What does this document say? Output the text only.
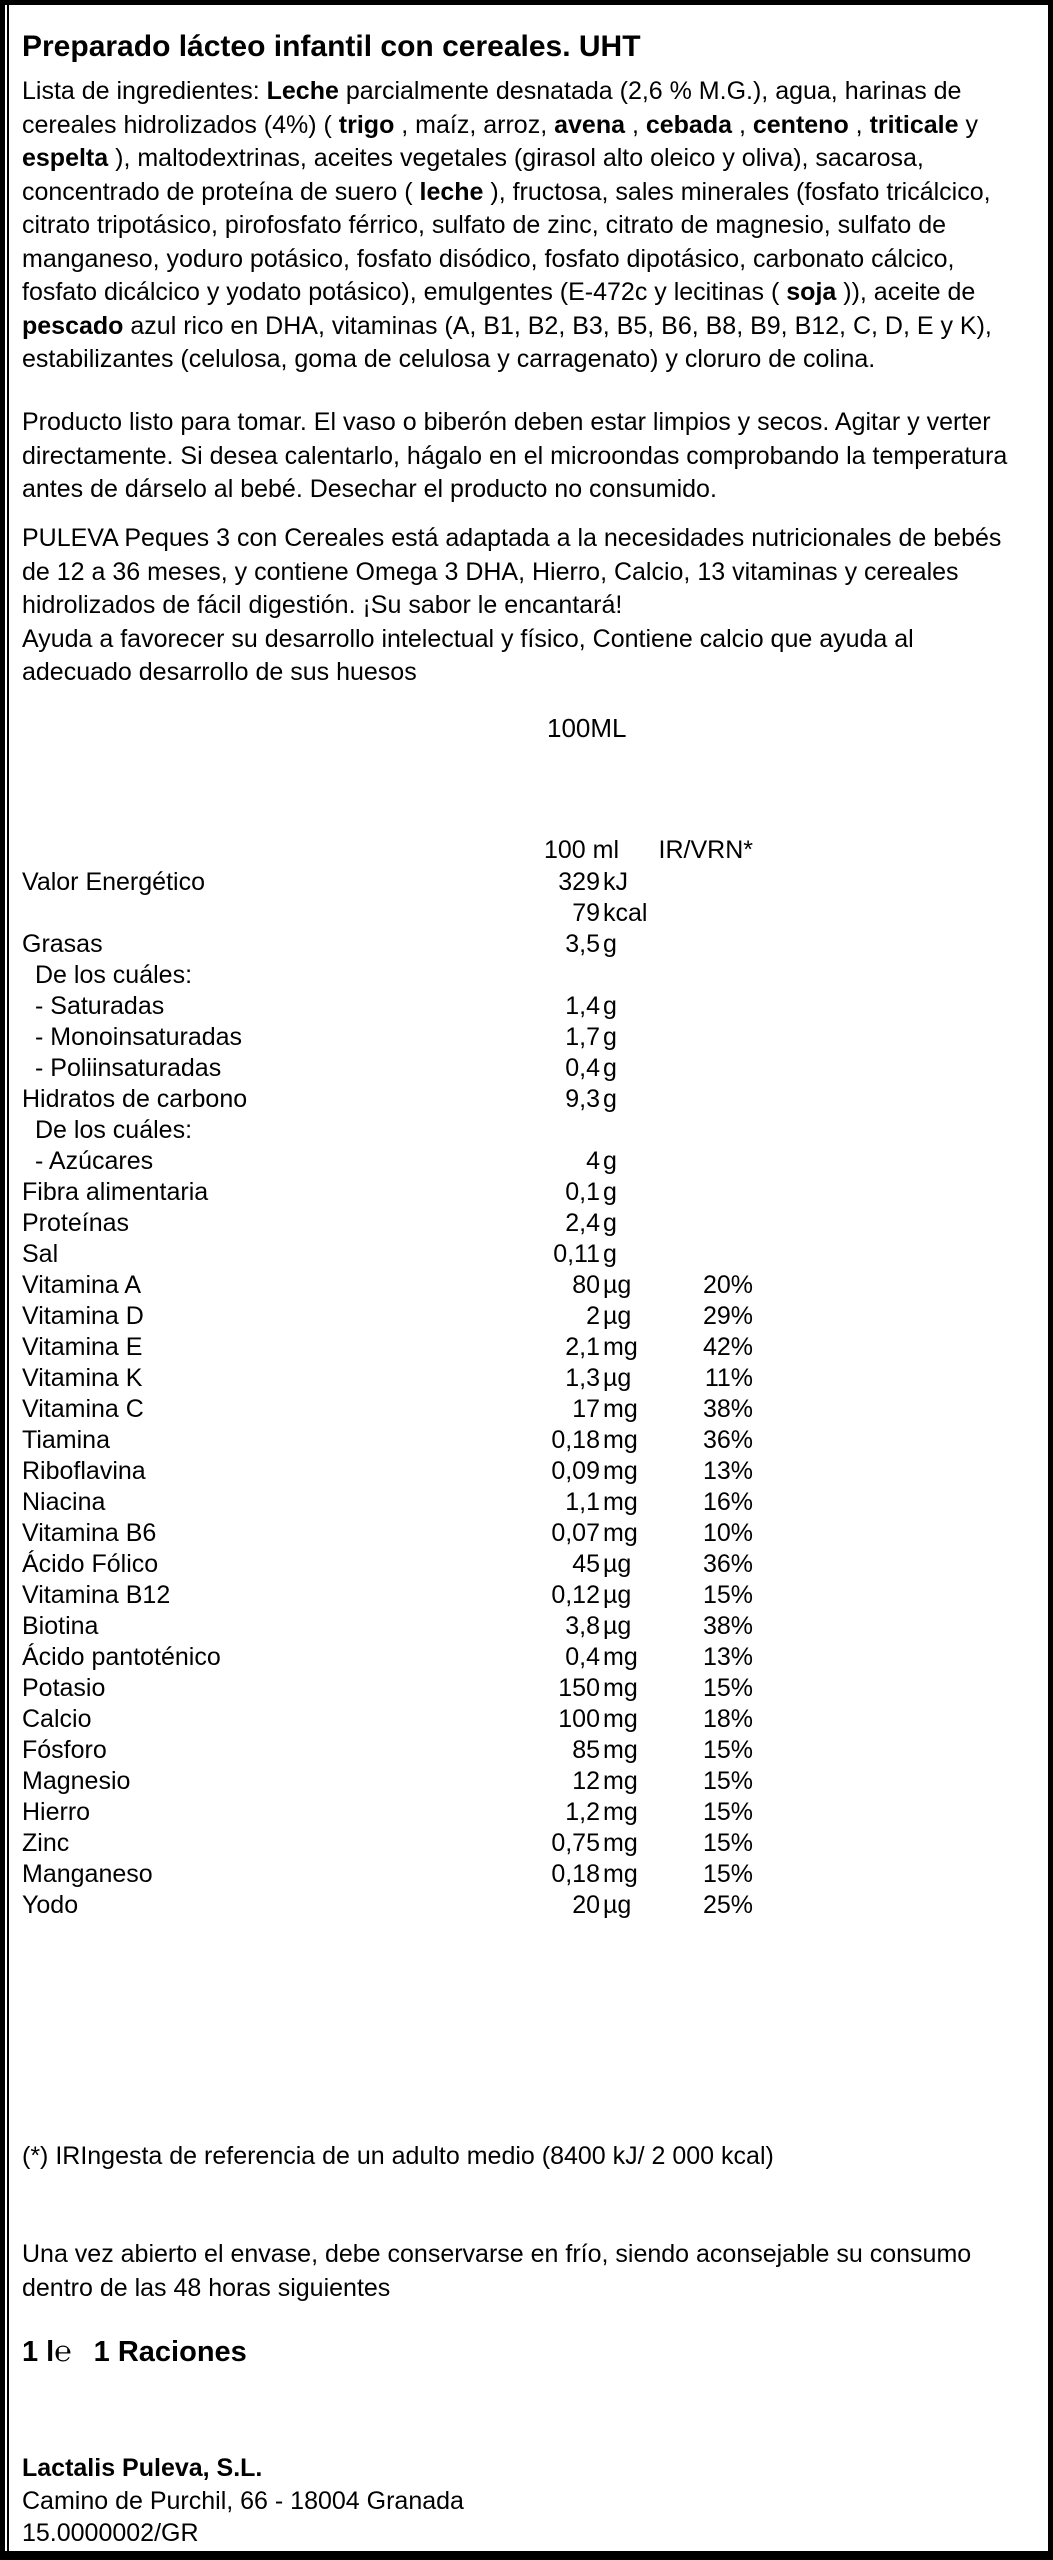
Preparado lácteo infantil con cereales. UHT

Lista de ingredientes: Leche parcialmente desnatada (2,6 % M.G.), agua, harinas de cereales hidrolizados (4%) ( trigo , maíz, arroz, avena , cebada , centeno , triticale y espelta ), maltodextrinas, aceites vegetales (girasol alto oleico y oliva), sacarosa, concentrado de proteína de suero ( leche ), fructosa, sales minerales (fosfato tricálcico, citrato tripotásico, pirofosfato férrico, sulfato de zinc, citrato de magnesio, sulfato de manganeso, yoduro potásico, fosfato disódico, fosfato dipotásico, carbonato cálcico, fosfato dicálcico y yodato potásico), emulgentes (E-472c y lecitinas ( soja )), aceite de pescado azul rico en DHA, vitaminas (A, B1, B2, B3, B5, B6, B8, B9, B12, C, D, E y K), estabilizantes (celulosa, goma de celulosa y carragenato) y cloruro de colina.

Producto listo para tomar. El vaso o biberón deben estar limpios y secos. Agitar y verter directamente. Si desea calentarlo, hágalo en el microondas comprobando la temperatura antes de dárselo al bebé. Desechar el producto no consumido.

PULEVA Peques 3 con Cereales está adaptada a la necesidades nutricionales de bebés de 12 a 36 meses, y contiene Omega 3 DHA, Hierro, Calcio, 13 vitaminas y cereales hidrolizados de fácil digestión. ¡Su sabor le encantará!

Ayuda a favorecer su desarrollo intelectual y físico, Contiene calcio que ayuda al adecuado desarrollo de sus huesos

100ML
100 ml	IR/VRN*
Valor Energético	329 kJ
79 kcal
Grasas	3,5 g
De los cuáles:
- Saturadas	1,4 g
- Monoinsaturadas	1,7 g
- Poliinsaturadas	0,4 g
Hidratos de carbono	9,3 g
De los cuáles:
- Azúcares	4 g
Fibra alimentaria	0,1 g
Proteínas	2,4 g
Sal	0,11 g
Vitamina A	80 µg	20%
Vitamina D	2 µg	29%
Vitamina E	2,1 mg	42%
Vitamina K	1,3 µg	11%
Vitamina C	17 mg	38%
Tiamina	0,18 mg	36%
Riboflavina	0,09 mg	13%
Niacina	1,1 mg	16%
Vitamina B6	0,07 mg	10%
Ácido Fólico	45 µg	36%
Vitamina B12	0,12 µg	15%
Biotina	3,8 µg	38%
Ácido pantoténico	0,4 mg	13%
Potasio	150 mg	15%
Calcio	100 mg	18%
Fósforo	85 mg	15%
Magnesio	12 mg	15%
Hierro	1,2 mg	15%
Zinc	0,75 mg	15%
Manganeso	0,18 mg	15%
Yodo	20 µg	25%

(*) IRIngesta de referencia de un adulto medio (8400 kJ/ 2 000 kcal)

Una vez abierto el envase, debe conservarse en frío, siendo aconsejable su consumo dentro de las 48 horas siguientes

1 l℮ 1 Raciones
Lactalis Puleva, S.L.
Camino de Purchil, 66 - 18004 Granada
15.0000002/GR
